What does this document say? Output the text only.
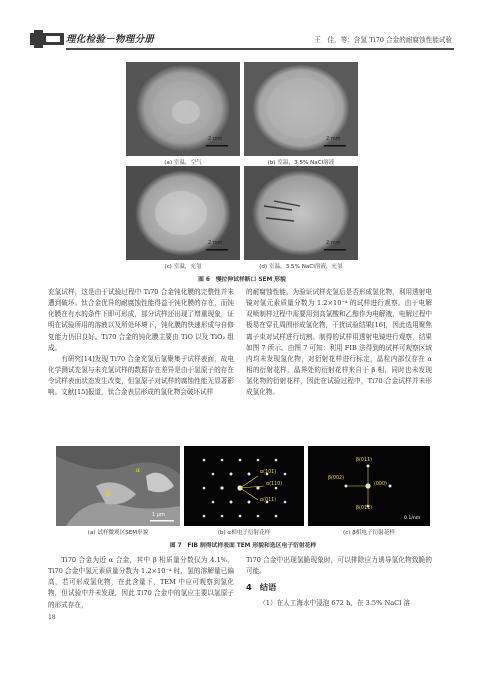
理化检验－物理分册	王　佳，等：含氢 Ti70 合金的耐腐蚀性能试验
2 mm
(a) 室温，空气
2 mm
(b) 室温，3.5% NaCl溶液
2 mm
(c) 室温，充氢
2 mm
(d) 室温，3.5% NaCl溶液，充氢
图 6　慢拉伸试样断口 SEM 形貌

充氢试样，这是由于试验过程中 Ti70 合金钝化膜的完整性并未遭到破坏。钛合金优异的耐腐蚀性能得益于钝化膜的存在，而钝化膜在有水的条件下即可形成，部分试样还出现了增重现象，证明在试验所用的溶液以及所处环境下，钝化膜的快速形成与自修复能力仍旧良好。Ti70 合金的钝化膜主要由 TiO 以及 TiO₂ 组成。

有研究[14]发现 Ti70 合金充氢后氢聚集于试样表面，故电化学测试充氢与未充氢试样的数据存在差异是由于氢原子的存在令试样表面状态发生改变，但氢原子对试样的腐蚀性能无显著影响。文献[15]报道，钛合金表层形成的氢化物会破坏试样

的耐腐蚀性能。为验证试样充氢后是否形成氢化物，利用透射电镜对氢元素质量分数为 1.2×10⁻⁴ 的试样进行观察。由于电解双喷制样过程中需要用到高氯酸和乙醇作为电解液，电解过程中极易在穿孔周围形成氢化物，干扰试验结果[16]，因此选用聚焦离子束对试样进行切割。制得的试样用透射电镜进行观察，结果如图 7 所示。由图 7 可知：利用 FIB 法得到的试样可观察区域内均未发现氢化物，对衍射花样进行标定，晶粒内部仅存在 α 相的衍射花样，晶界处的衍射花样来自于 β 相，同时也未发现氢化物的衍射花样，因此在试验过程中，Ti70 合金试样并未形成氢化物。

α
β
1 μm
(a) 试样微观区SEM形貌
α(101)
α(110)
α(011)
(b) α相电子衍射花样
β(011)
β(002)
(000)
β(011)
0.1/nm
(c) β相电子衍射花样
图 7　FIB 制得试样表面 TEM 形貌和选区电子衍射花样

Ti70 合金为近 α 合金，其中 β 相质量分数仅为 4.1%，Ti70 合金中氢元素质量分数为 1.2×10⁻⁴ 时，氢的溶解量已偏高，若可形成氢化物，在此含量下，TEM 中应可观察到氢化物，但试验中并未发现，因此 Ti70 合金中的氢应主要以氢原子的形式存在，

Ti70 合金中出现氢脆现象时，可以排除应力诱导氢化物致脆的可能。

4　结语

（1）在人工海水中浸泡 672 h，在 3.5% NaCl 溶

18
